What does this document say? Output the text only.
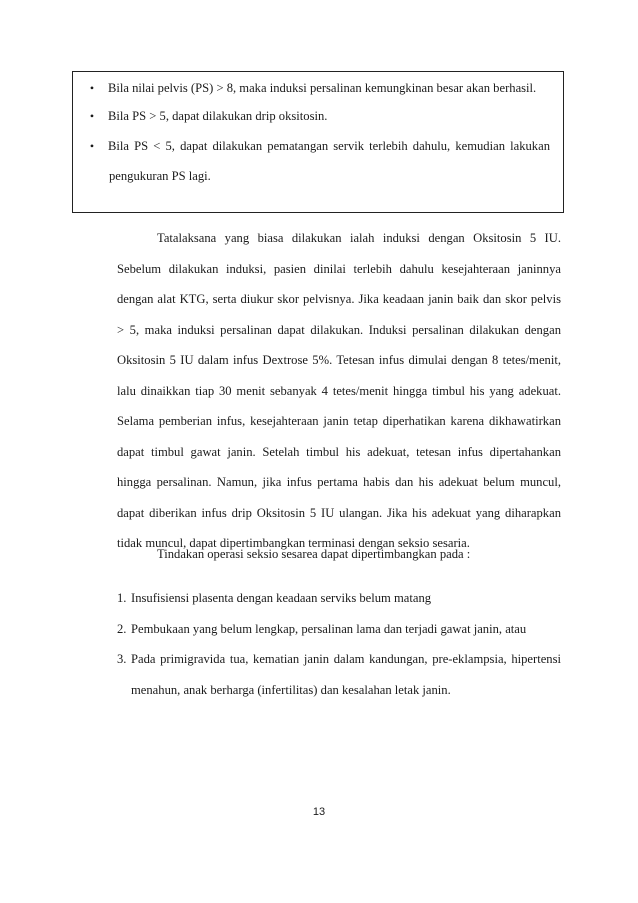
• Bila nilai pelvis (PS) > 8, maka induksi persalinan kemungkinan besar akan berhasil.
• Bila PS > 5, dapat dilakukan drip oksitosin.
• Bila PS < 5, dapat dilakukan pematangan servik terlebih dahulu, kemudian lakukan
pengukuran PS lagi.
Tatalaksana yang biasa dilakukan ialah induksi dengan Oksitosin 5 IU.
Sebelum dilakukan induksi, pasien dinilai terlebih dahulu kesejahteraan janinnya
dengan alat KTG, serta diukur skor pelvisnya. Jika keadaan janin baik dan skor pelvis
> 5, maka induksi persalinan dapat dilakukan. Induksi persalinan dilakukan dengan
Oksitosin 5 IU dalam infus Dextrose 5%. Tetesan infus dimulai dengan 8 tetes/menit,
lalu dinaikkan tiap 30 menit sebanyak 4 tetes/menit hingga timbul his yang adekuat.
Selama pemberian infus, kesejahteraan janin tetap diperhatikan karena dikhawatirkan
dapat timbul gawat janin. Setelah timbul his adekuat, tetesan infus dipertahankan
hingga persalinan. Namun, jika infus pertama habis dan his adekuat belum muncul,
dapat diberikan infus drip Oksitosin 5 IU ulangan. Jika his adekuat yang diharapkan
tidak muncul, dapat dipertimbangkan terminasi dengan seksio sesaria.
Tindakan operasi seksio sesarea dapat dipertimbangkan pada :
1. Insufisiensi plasenta dengan keadaan serviks belum matang
2. Pembukaan yang belum lengkap, persalinan lama dan terjadi gawat janin, atau
3. Pada primigravida tua, kematian janin dalam kandungan, pre-eklampsia, hipertensi
menahun, anak berharga (infertilitas) dan kesalahan letak janin.
13
